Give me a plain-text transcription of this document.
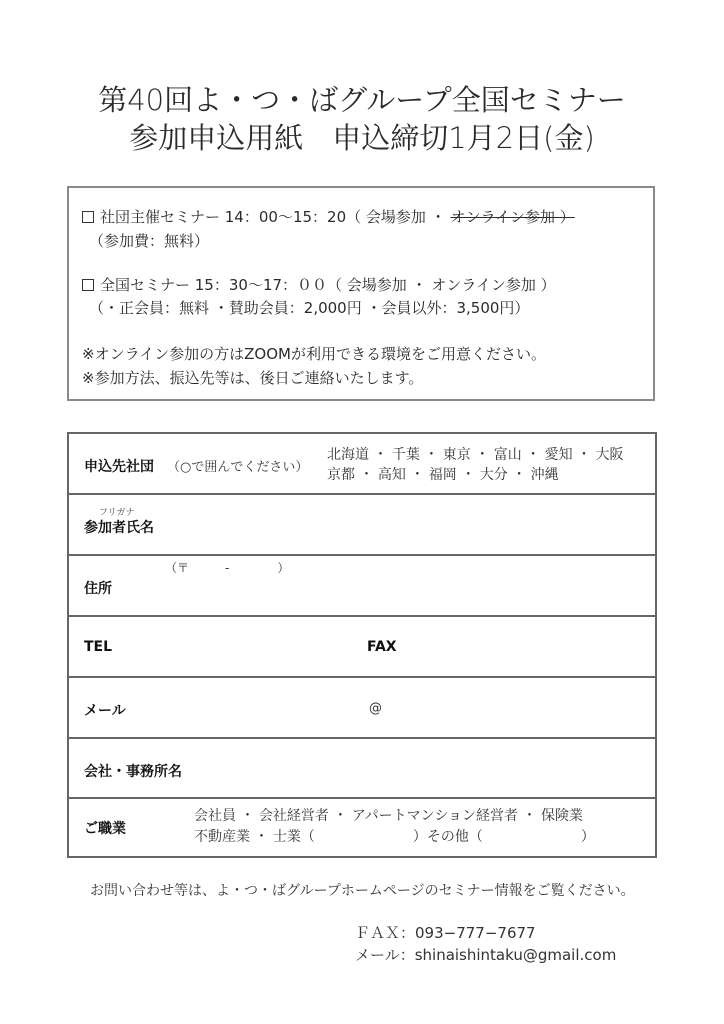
第40回よ・つ・ばグループ全国セミナー
参加申込用紙　申込締切1月2日(金)
社団主催セミナー 14：00～15：20（ 会場参加 ・ オンライン参加 ）
（参加費：無料）
全国セミナー 15：30～17：００（ 会場参加 ・ オンライン参加 ）
（・正会員：無料 ・賛助会員：2,000円 ・会員以外：3,500円）
※オンライン参加の方はZOOMが利用できる環境をご用意ください。
※参加方法、振込先等は、後日ご連絡いたします。
申込先社団 （○で囲んでください）
北海道 ・ 千葉 ・ 東京 ・ 富山 ・ 愛知 ・ 大阪
京都 ・ 高知 ・ 福岡 ・ 大分 ・ 沖縄
フリガナ
参加者氏名
（〒　　　-　　　　）
住所
TEL	FAX
メール	@
会社・事務所名
ご職業
会社員 ・ 会社経営者 ・ アパートマンション経営者 ・ 保険業
不動産業 ・ 士業（　　　　　　　）その他（　　　　　　　）
お問い合わせ等は、よ・つ・ばグループホームページのセミナー情報をご覧ください。
ＦＡＸ：093−777−7677
メール：shinaishintaku@gmail.com
